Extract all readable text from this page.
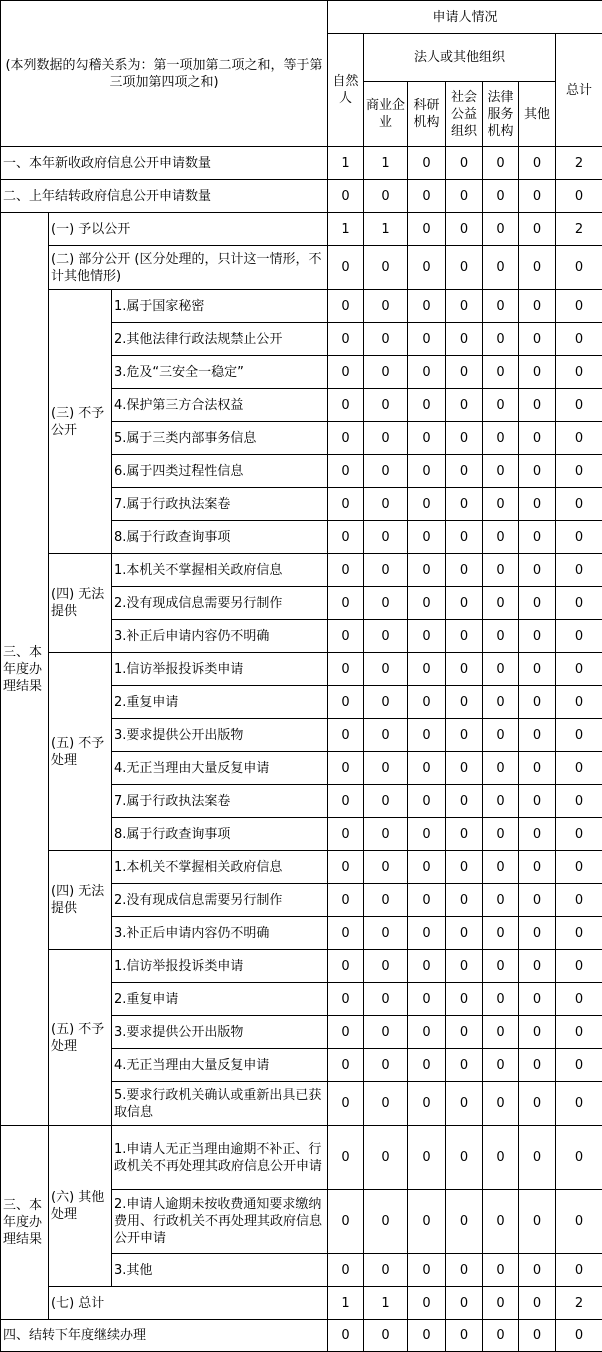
(本列数据的勾稽关系为：第一项加第二项之和，等于第三项加第四项之和)			申请人情况						
			自然人	法人或其他组织					总计
				商业企业	科研机构	社会公益组织	法律服务机构	其他	
一、本年新收政府信息公开申请数量			1	1	0	0	0	0	2
二、上年结转政府信息公开申请数量			0	0	0	0	0	0	0
三、本年度办理结果	(一) 予以公开		1	1	0	0	0	0	2
	(二) 部分公开 (区分处理的，只计这一情形，不计其他情形)		0	0	0	0	0	0	0
	(三) 不予公开	1.属于国家秘密	0	0	0	0	0	0	0
		2.其他法律行政法规禁止公开	0	0	0	0	0	0	0
		3.危及“三安全一稳定”	0	0	0	0	0	0	0
		4.保护第三方合法权益	0	0	0	0	0	0	0
		5.属于三类内部事务信息	0	0	0	0	0	0	0
		6.属于四类过程性信息	0	0	0	0	0	0	0
		7.属于行政执法案卷	0	0	0	0	0	0	0
		8.属于行政查询事项	0	0	0	0	0	0	0
	(四) 无法提供	1.本机关不掌握相关政府信息	0	0	0	0	0	0	0
		2.没有现成信息需要另行制作	0	0	0	0	0	0	0
		3.补正后申请内容仍不明确	0	0	0	0	0	0	0
	(五) 不予处理	1.信访举报投诉类申请	0	0	0	0	0	0	0
		2.重复申请	0	0	0	0	0	0	0
		3.要求提供公开出版物	0	0	0	0	0	0	0
		4.无正当理由大量反复申请	0	0	0	0	0	0	0
		7.属于行政执法案卷	0	0	0	0	0	0	0
		8.属于行政查询事项	0	0	0	0	0	0	0
	(四) 无法提供	1.本机关不掌握相关政府信息	0	0	0	0	0	0	0
		2.没有现成信息需要另行制作	0	0	0	0	0	0	0
		3.补正后申请内容仍不明确	0	0	0	0	0	0	0
	(五) 不予处理	1.信访举报投诉类申请	0	0	0	0	0	0	0
		2.重复申请	0	0	0	0	0	0	0
		3.要求提供公开出版物	0	0	0	0	0	0	0
		4.无正当理由大量反复申请	0	0	0	0	0	0	0
		5.要求行政机关确认或重新出具已获取信息	0	0	0	0	0	0	0
三、本年度办理结果	(六) 其他处理	1.申请人无正当理由逾期不补正、行政机关不再处理其政府信息公开申请	0	0	0	0	0	0	0
		2.申请人逾期未按收费通知要求缴纳费用、行政机关不再处理其政府信息公开申请	0	0	0	0	0	0	0
		3.其他	0	0	0	0	0	0	0
	(七) 总计		1	1	0	0	0	0	2
四、结转下年度继续办理			0	0	0	0	0	0	0
